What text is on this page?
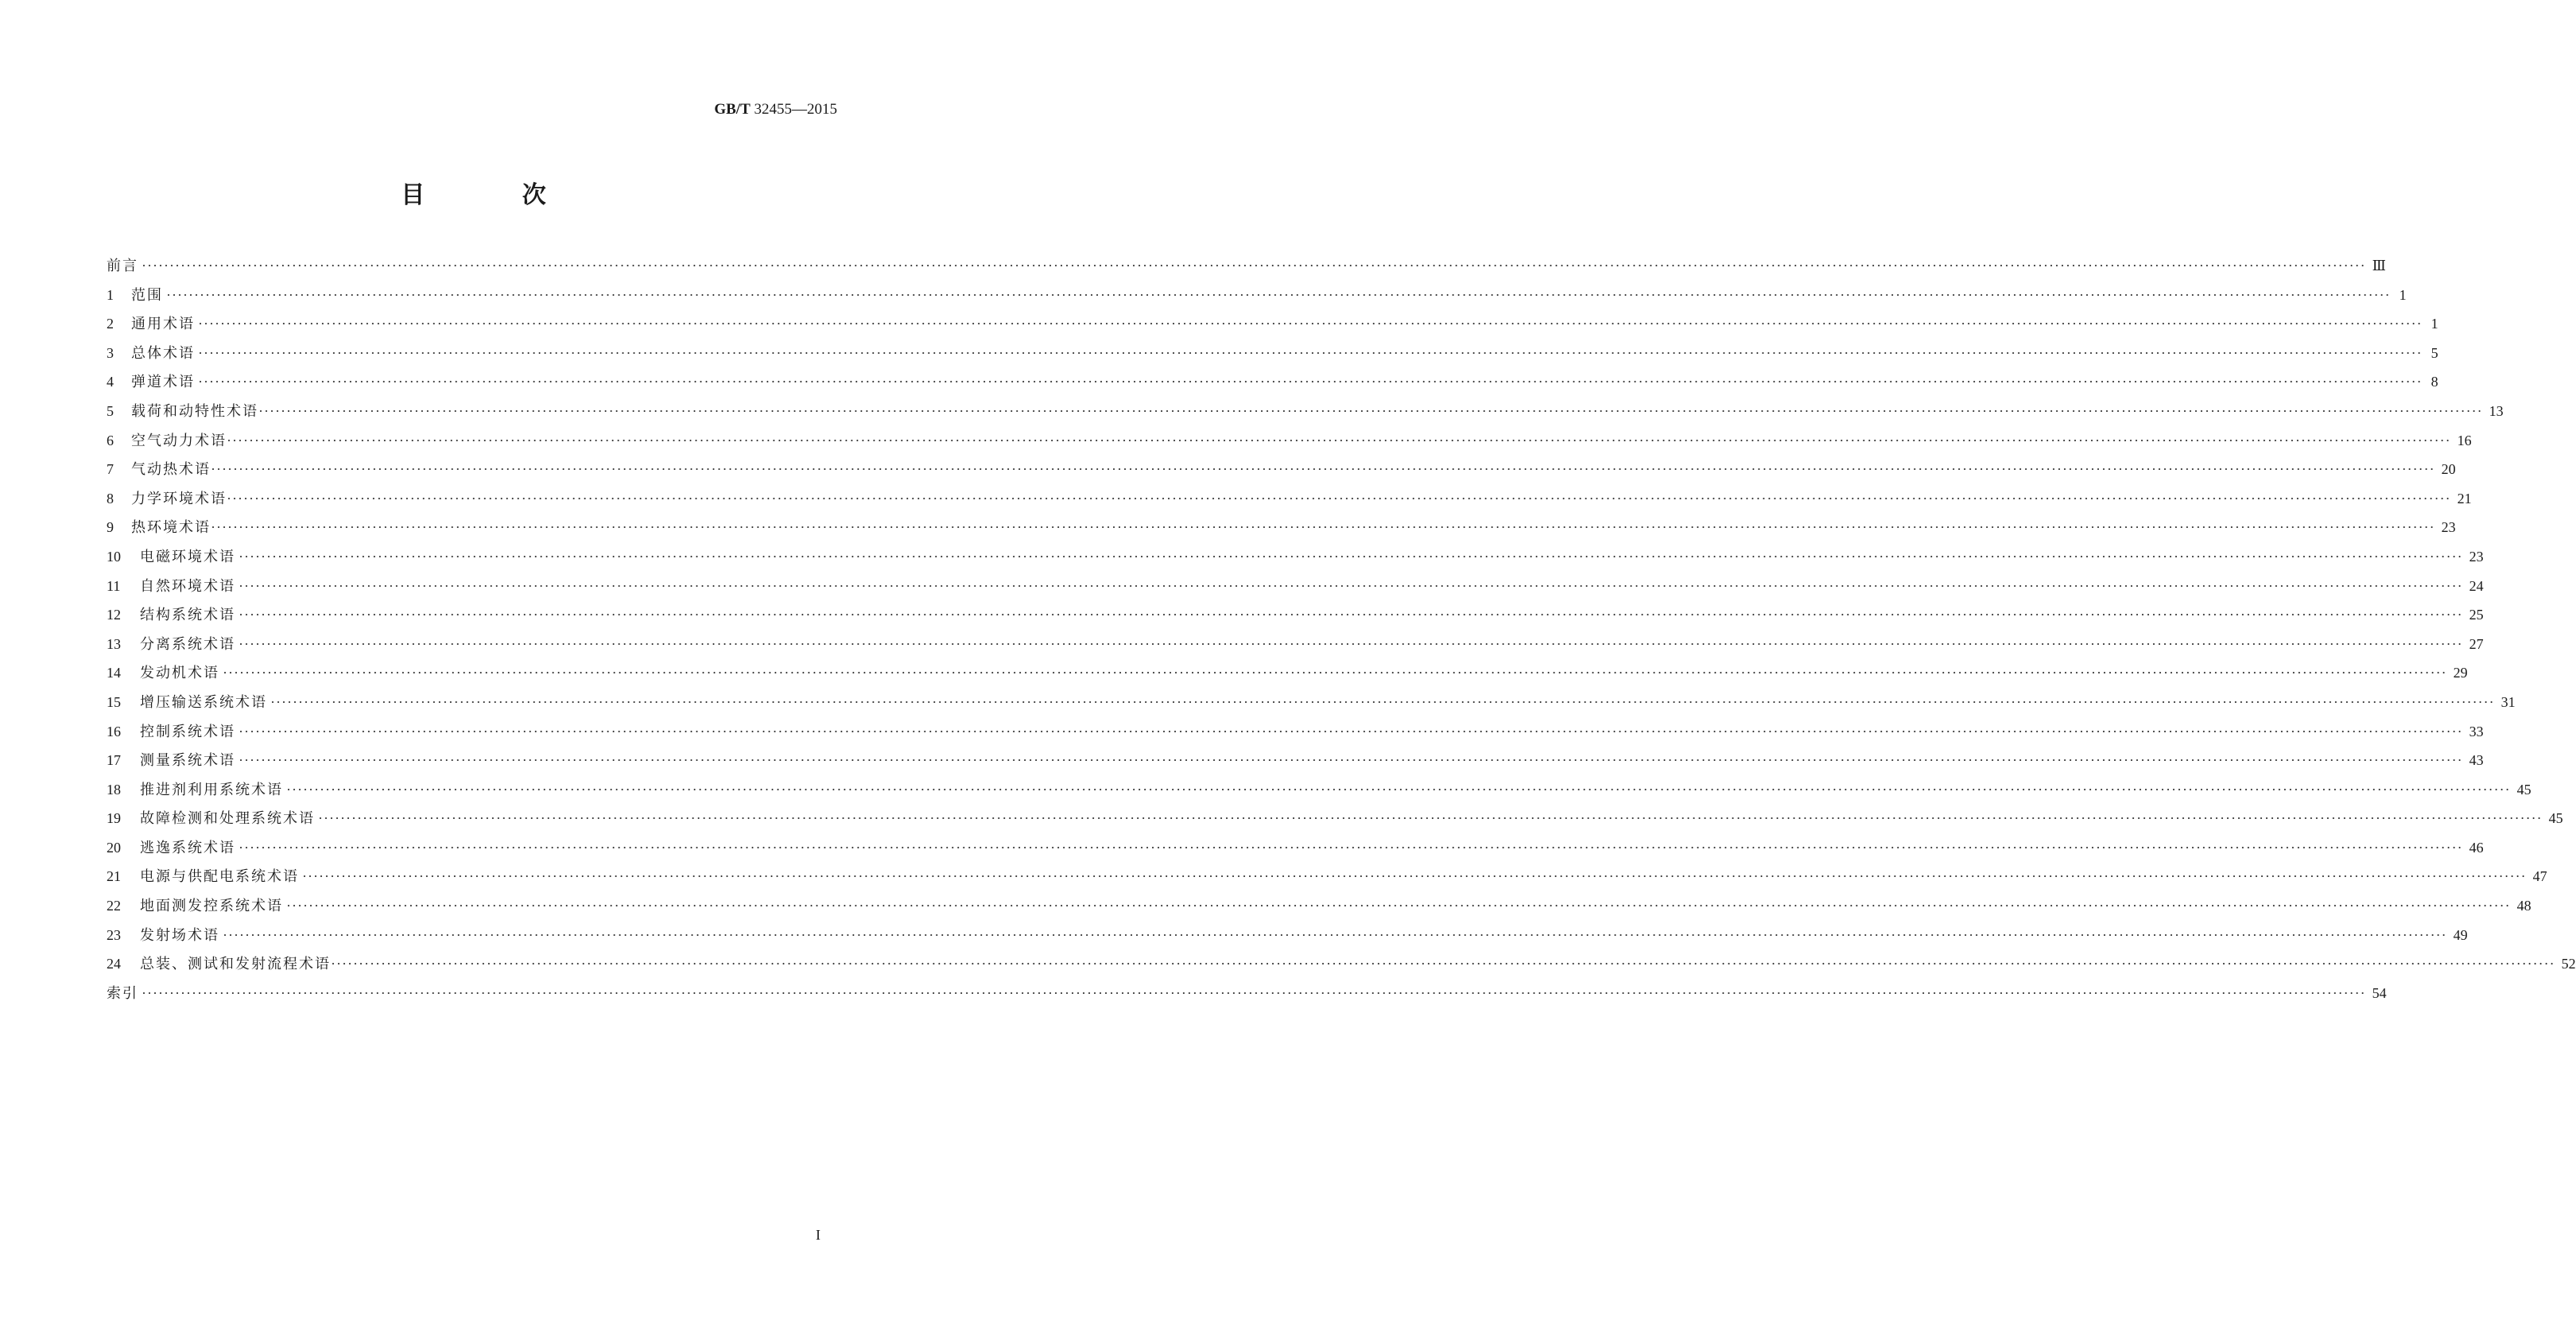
GB/T 32455—2015
目 次
前言 ················································································································································································································································································································································································································ Ⅲ
1	范围 ················································································································································································································································································································································································································ 1
2	通用术语 ················································································································································································································································································································································································································ 1
3	总体术语 ················································································································································································································································································································································································································ 5
4	弹道术语 ················································································································································································································································································································································································································ 8
5	载荷和动特性术语 ················································································································································································································································································································································································································ 13
6	空气动力术语 ················································································································································································································································································································································································································ 16
7	气动热术语 ················································································································································································································································································································································································································ 20
8	力学环境术语 ················································································································································································································································································································································································································ 21
9	热环境术语 ················································································································································································································································································································································································································ 23
10	电磁环境术语 ················································································································································································································································································································································································································ 23
11	自然环境术语 ················································································································································································································································································································································································································ 24
12	结构系统术语 ················································································································································································································································································································································································································ 25
13	分离系统术语 ················································································································································································································································································································································································································ 27
14	发动机术语 ················································································································································································································································································································································································································ 29
15	增压输送系统术语 ················································································································································································································································································································································································································ 31
16	控制系统术语 ················································································································································································································································································································································································································ 33
17	测量系统术语 ················································································································································································································································································································································································································ 43
18	推进剂利用系统术语 ················································································································································································································································································································································································································ 45
19	故障检测和处理系统术语 ················································································································································································································································································································································································································ 45
20	逃逸系统术语 ················································································································································································································································································································································································································ 46
21	电源与供配电系统术语 ················································································································································································································································································································································································································ 47
22	地面测发控系统术语 ················································································································································································································································································································································································································ 48
23	发射场术语 ················································································································································································································································································································································································································ 49
24	总装、测试和发射流程术语 ················································································································································································································································································································································································································ 52
索引 ················································································································································································································································································································································································································ 54
I
